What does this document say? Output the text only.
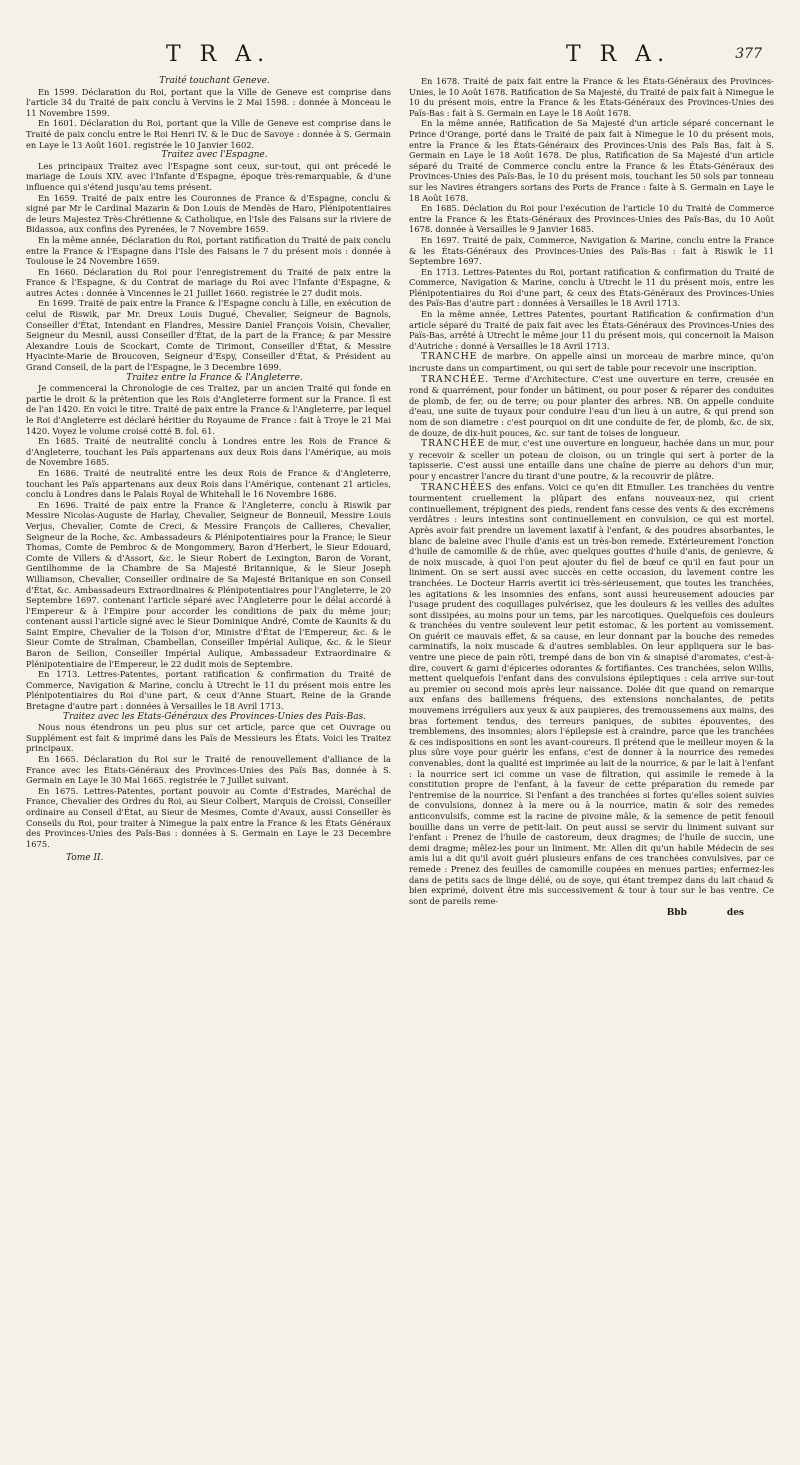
T R A.	T R A.	377

Traité touchant Geneve.

En 1599. Déclaration du Roi, portant que la Ville de Geneve est comprise dans l'article 34 du Traité de paix conclu à Vervins le 2 Mai 1598. : donnée à Monceau le 11 Novembre 1599.

En 1601. Déclaration du Roi, portant que la Ville de Geneve est comprise dans le Traité de paix conclu entre le Roi Henri IV. & le Duc de Savoye : donnée à S. Germain en Laye le 13 Août 1601. registrée le 10 Janvier 1602.

Traitez avec l'Espagne.

Les principaux Traitez avec l'Espagne sont ceux, sur-tout, qui ont précedé le mariage de Louis XIV. avec l'Infante d'Espagne, époque très-remarquable, & d'une influence qui s'étend jusqu'au tems présent.

En 1659. Traité de paix entre les Couronnes de France & d'Espagne, conclu & signé par Mr le Cardinal Mazarin & Don Louis de Mendès de Haro, Plénipotentiaires de leurs Majestez Très-Chrétienne & Catholique, en l'Isle des Faisans sur la riviere de Bidassoa, aux confins des Pyrenées, le 7 Novembre 1659.

En la même année, Déclaration du Roi, portant ratification du Traité de paix conclu entre la France & l'Espagne dans l'Isle des Faisans le 7 du présent mois : donnée à Toulouse le 24 Novembre 1659.

En 1660. Déclaration du Roi pour l'enregistrement du Traité de paix entre la France & l'Espagne, & du Contrat de mariage du Roi avec l'Infante d'Espagne, & autres Actes : donnée à Vincennes le 21 Juillet 1660. registrée le 27 dudit mois.

En 1699. Traité de paix entre la France & l'Espagne conclu à Lille, en exécution de celui de Riswik, par Mr. Dreux Louis Dugué, Chevalier, Seigneur de Bagnols, Conseiller d'État, Intendant en Flandres, Messire Daniel François Voisin, Chevalier, Seigneur du Mesnil, aussi Conseiller d'État, de la part de la France; & par Messire Alexandre Louis de Scockart, Comte de Tirimont, Conseiller d'État, & Messire Hyacinte-Marie de Broucoven, Seigneur d'Espy, Conseiller d'État, & Président au Grand Conseil, de la part de l'Espagne, le 3 Decembre 1699.

Traitez entre la France & l'Angleterre.

Je commencerai la Chronologie de ces Traitez, par un ancien Traité qui fonde en partie le droit & la prétention que les Rois d'Angleterre forment sur la France. Il est de l'an 1420. En voici le titre. Traité de paix entre la France & l'Angleterre, par lequel le Roi d'Angleterre est déclaré héritier du Royaume de France : fait à Troye le 21 Mai 1420. Voyez le volume croisé cotté B. fol. 61.

En 1685. Traité de neutralité conclu à Londres entre les Rois de France & d'Angleterre, touchant les Païs appartenans aux deux Rois dans l'Amérique, au mois de Novembre 1685.

En 1686. Traité de neutralité entre les deux Rois de France & d'Angleterre, touchant les Païs appartenans aux deux Rois dans l'Amérique, contenant 21 articles, conclu à Londres dans le Palais Royal de Whitehall le 16 Novembre 1686.

En 1696. Traité de paix entre la France & l'Angleterre, conclu à Riswik par Messire Nicolas-Auguste de Harlay, Chevalier, Seigneur de Bonneuil, Messire Louis Verjus, Chevalier, Comte de Creci, & Messire François de Callieres, Chevalier, Seigneur de la Roche, &c. Ambassadeurs & Plénipotentiaires pour la France; le Sieur Thomas, Comte de Pembroc & de Mongommery, Baron d'Herbert, le Sieur Edouard, Comte de Villers & d'Assort, &c. le Sieur Robert de Lexington, Baron de Vorant, Gentilhomme de la Chambre de Sa Majesté Britannique, & le Sieur Joseph Williamson, Chevalier, Conseiller ordinaire de Sa Majesté Britanique en son Conseil d'État, &c. Ambassadeurs Extraordinaires & Plénipotentiaires pour l'Angleterre, le 20 Septembre 1697. contenant l'article séparé avec l'Angleterre pour le délai accordé à l'Empereur & à l'Empire pour accorder les conditions de paix du même jour; contenant aussi l'article signé avec le Sieur Dominique André, Comte de Kaunits & du Saint Empire, Chevalier de la Toison d'or, Ministre d'État de l'Empereur, &c. & le Sieur Comte de Stralman, Chambellan, Conseiller Impérial Aulique, &c. & le Sieur Baron de Seilion, Conseiller Impérial Aulique, Ambassadeur Extraordinaire & Plénipotentiaire de l'Empereur, le 22 dudit mois de Septembre.

En 1713. Lettres-Patentes, portant ratification & confirmation du Traité de Commerce, Navigation & Marine, conclu à Utrecht le 11 du présent mois entre les Plénipotentiaires du Roi d'une part, & ceux d'Anne Stuart, Reine de la Grande Bretagne d'autre part : données à Versailles le 18 Avril 1713.

Traitez avec les Etats-Généraux des Provinces-Unies des Païs-Bas.

Nous nous étendrons un peu plus sur cet article, parce que cet Ouvrage ou Supplément est fait & imprimé dans les Païs de Messieurs les États. Voici les Traitez principaux.

En 1665. Déclaration du Roi sur le Traité de renouvellement d'alliance de la France avec les États-Généraux des Provinces-Unies des Païs Bas, donnée à S. Germain en Laye le 30 Mai 1665. registrée le 7 Juillet suivant.

En 1675. Lettres-Patentes, portant pouvoir au Comte d'Estrades, Maréchal de France, Chevalier des Ordres du Roi, au Sieur Colbert, Marquis de Croissi, Conseiller ordinaire au Conseil d'État, au Sieur de Mesmes, Comte d'Avaux, aussi Conseiller ès Conseils du Roi, pour traiter à Nimegue la paix entre la France & les États Généraux des Provinces-Unies des Païs-Bas : données à S. Germain en Laye le 23 Decembre 1675.

Tome II.

En 1678. Traité de paix fait entre la France & les États-Généraux des Provinces-Unies, le 10 Août 1678. Ratification de Sa Majesté, du Traité de paix fait à Nimegue le 10 du présent mois, entre la France & les États-Généraux des Provinces-Unies des Païs-Bas : fait à S. Germain en Laye le 18 Août 1678.

En la même année, Ratification de Sa Majesté d'un article séparé concernant le Prince d'Orange, porté dans le Traité de paix fait à Nimegue le 10 du présent mois, entre la France & les États-Généraux des Provinces-Unis des Païs Bas, fait à S. Germain en Laye le 18 Août 1678. De plus, Ratification de Sa Majesté d'un article séparé du Traité de Commerce conclu entre la France & les États-Généraux des Provinces-Unies des Païs-Bas, le 10 du présent mois, touchant les 50 sols par tonneau sur les Navires étrangers sortans des Ports de France : faite à S. Germain en Laye le 18 Août 1678.

En 1685. Déclation du Roi pour l'exécution de l'article 10 du Traité de Commerce entre la France & les États-Généraux des Provinces-Unies des Païs-Bas, du 10 Août 1678. donnée à Versailles le 9 Janvier 1685.

En 1697. Traité de paix, Commerce, Navigation & Marine, conclu entre la France & les États-Généraux des Provinces-Unies des Païs-Bas : fait à Riswik le 11 Septembre 1697.

En 1713. Lettres-Patentes du Roi, portant ratification & confirmation du Traité de Commerce, Navigation & Marine, conclu à Utrecht le 11 du présent mois, entre les Plénipotentiaires du Roi d'une part, & ceux des États-Généraux des Provinces-Unies des Païs-Bas d'autre part : données à Versailles le 18 Avril 1713.

En la même année, Lettres Patentes, pourtant Ratification & confirmation d'un article séparé du Traité de paix fait avec les États-Généraux des Provinces-Unies des Païs-Bas, arrêté à Utrecht le même jour 11 du présent mois, qui concernoit la Maison d'Autriche : donné à Versailles le 18 Avril 1713.

TRANCHE de marbre. On appelle ainsi un morceau de marbre mince, qu'on incruste dans un compartiment, ou qui sert de table pour recevoir une inscription.

TRANCHÉE. Terme d'Architecture. C'est une ouverture en terre, creusée en rond & quarrément, pour fonder un bâtiment, ou pour poser & réparer des conduites de plomb, de fer, ou de terre; ou pour planter des arbres. NB. On appelle conduite d'eau, une suite de tuyaux pour conduire l'eau d'un lieu à un autre, & qui prend son nom de son diametre : c'est pourquoi on dit une conduite de fer, de plomb, &c. de six, de douze, de dix-huit pouces, &c. sur tant de toises de longueur.

TRANCHÉE de mur, c'est une ouverture en longueur, hachée dans un mur, pour y recevoir & sceller un poteau de cloison, ou un tringle qui sert à porter de la tapisserie. C'est aussi une entaille dans une chaîne de pierre au dehors d'un mur, pour y encastrer l'ancre du tirant d'une poutre, & la recouvrir de plâtre.

TRANCHÉES des enfans. Voici ce qu'en dit Etmuller. Les tranchées du ventre tourmentent cruellement la plûpart des enfans nouveaux-nez, qui crient continuellement, trépignent des pieds, rendent fans cesse des vents & des excrémens verdâtres : leurs intestins sont continuellement en convulsion, ce qui est mortel. Après avoir fait prendre un lavement laxatif à l'enfant, & des poudres absorbantes, le blanc de baleine avec l'huile d'anis est un très-bon remede. Extérieurement l'onction d'huile de camomille & de rhüe, avec quelques gouttes d'huile d'anis, de genievre, & de noix muscade, à quoi l'on peut ajouter du fiel de bœuf ce qu'il en faut pour un liniment. On se sert aussi avec succès en cette occasion, du lavement contre les tranchées. Le Docteur Harris avertit ici très-sérieusement, que toutes les tranchées, les agitations & les insomnies des enfans, sont aussi heureusement adoucies par l'usage prudent des coquillages pulvérisez, que les douleurs & les veilles des adultes sont dissipées, au moins pour un tems, par les narcotiques. Quelquefois ces douleurs & tranchées du ventre soulevent leur petit estomac, & les portent au vomissement. On guérit ce mauvais effet, & sa cause, en leur donnant par la bouche des remedes carminatifs, la noix muscade & d'autres semblables. On leur appliquera sur le bas-ventre une piece de pain rôti, trempé dans de bon vin & sinapisé d'aromates, c'est-à-dire, couvert & garni d'épiceries odorantes & fortifiantes. Ces tranchées, selon Willis, mettent quelquefois l'enfant dans des convulsions épileptiques : cela arrive sur-tout au premier ou second mois après leur naissance. Dolée dit que quand on remarque aux enfans des baillemens fréquens, des extensions nonchalantes, de petits mouvemens irréguliers aux yeux & aux paupieres, des tremoussemens aux mains, des bras fortement tendus, des terreurs paniques, de subites épouventes, des tremblemens, des insomnies; alors l'épilepsie est à craindre, parce que les tranchées & ces indispositions en sont les avant-coureurs. Il prétend que le meilleur moyen & la plus sûre voye pour guérir les enfans, c'est de donner à la nourrice des remedes convenables, dont la qualité est imprimée au lait de la nourrice, & par le lait à l'enfant : la nourrice sert ici comme un vase de filtration, qui assimile le remede à la constitution propre de l'enfant, à la faveur de cette préparation du remede par l'entremise de la nourrice. Si l'enfant a des tranchées si fortes qu'elles soient suivies de convulsions, donnez à la mere ou à la nourrice, matin & soir des remedes anticonvulsifs, comme est la racine de pivoine mâle, & la semence de petit fenouil bouillie dans un verre de petit-lait. On peut aussi se servir du liniment suivant sur l'enfant : Prenez de l'huile de castoreum, deux dragmes; de l'huile de succin, une demi dragme; mêlez-les pour un liniment. Mr. Allen dit qu'un habile Médecin de ses amis lui a dit qu'il avoit guéri plusieurs enfans de ces tranchées convulsives, par ce remede : Prenez des feuilles de camomille coupées en menues parties; enfermez-les dans de petits sacs de linge délié, ou de soye, qui étant trempez dans du lait chaud & bien exprimé, doivent être mis successivement & tour à tour sur le bas ventre. Ce sont de pareils reme-

Bbb	des
